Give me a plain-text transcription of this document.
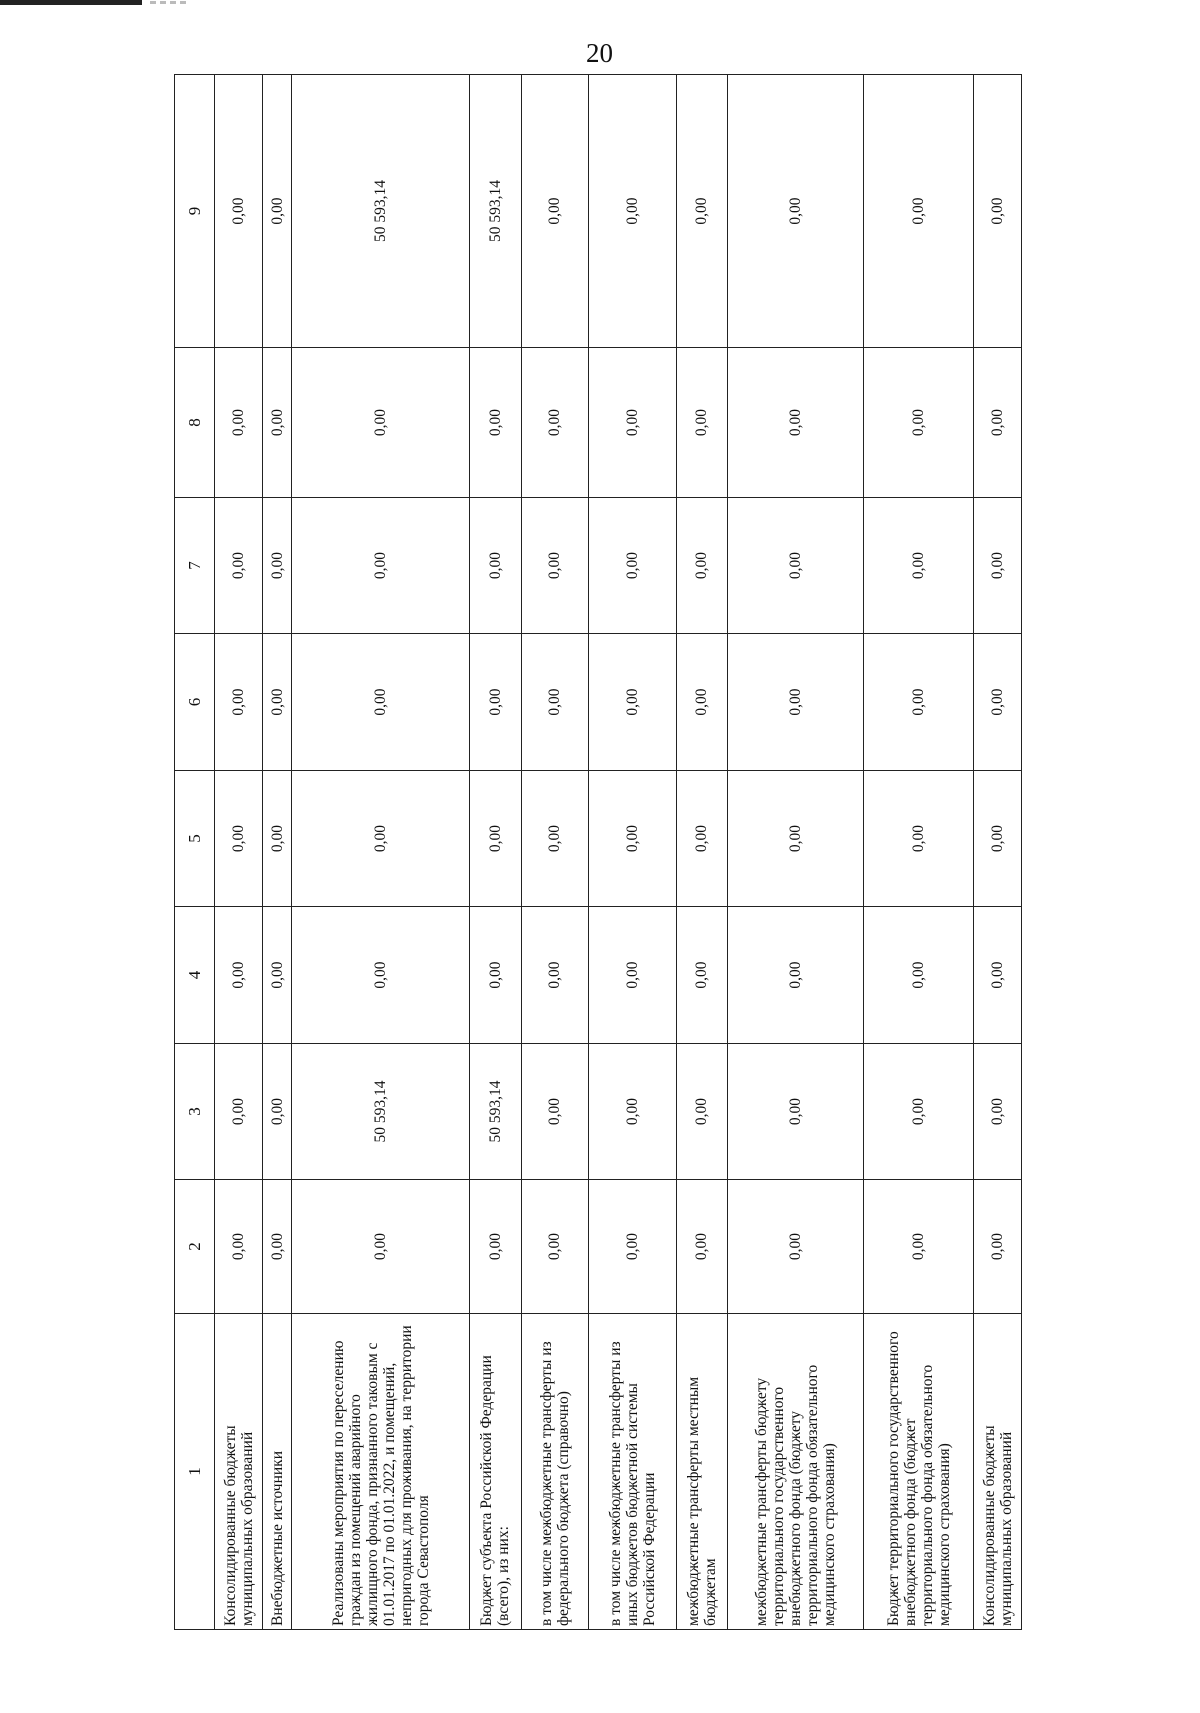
20
1	2	3	4	5	6	7	8	9
Консолидированные бюджеты муниципальных образований	0,00	0,00	0,00	0,00	0,00	0,00	0,00	0,00
Внебюджетные источники	0,00	0,00	0,00	0,00	0,00	0,00	0,00	0,00
Реализованы мероприятия по переселению граждан из помещений аварийного жилищного фонда, признанного таковым с 01.01.2017 по 01.01.2022, и помещений, непригодных для проживания, на территории города Севастополя	0,00	50 593,14	0,00	0,00	0,00	0,00	0,00	50 593,14
Бюджет субъекта Российской Федерации (всего), из них:	0,00	50 593,14	0,00	0,00	0,00	0,00	0,00	50 593,14
в том числе межбюджетные трансферты из федерального бюджета (справочно)	0,00	0,00	0,00	0,00	0,00	0,00	0,00	0,00
в том числе межбюджетные трансферты из иных бюджетов бюджетной системы Российской Федерации	0,00	0,00	0,00	0,00	0,00	0,00	0,00	0,00
межбюджетные трансферты местным бюджетам	0,00	0,00	0,00	0,00	0,00	0,00	0,00	0,00
межбюджетные трансферты бюджету территориального государственного внебюджетного фонда (бюджету территориального фонда обязательного медицинского страхования)	0,00	0,00	0,00	0,00	0,00	0,00	0,00	0,00
Бюджет территориального государственного внебюджетного фонда (бюджет территориального фонда обязательного медицинского страхования)	0,00	0,00	0,00	0,00	0,00	0,00	0,00	0,00
Консолидированные бюджеты муниципальных образований	0,00	0,00	0,00	0,00	0,00	0,00	0,00	0,00
